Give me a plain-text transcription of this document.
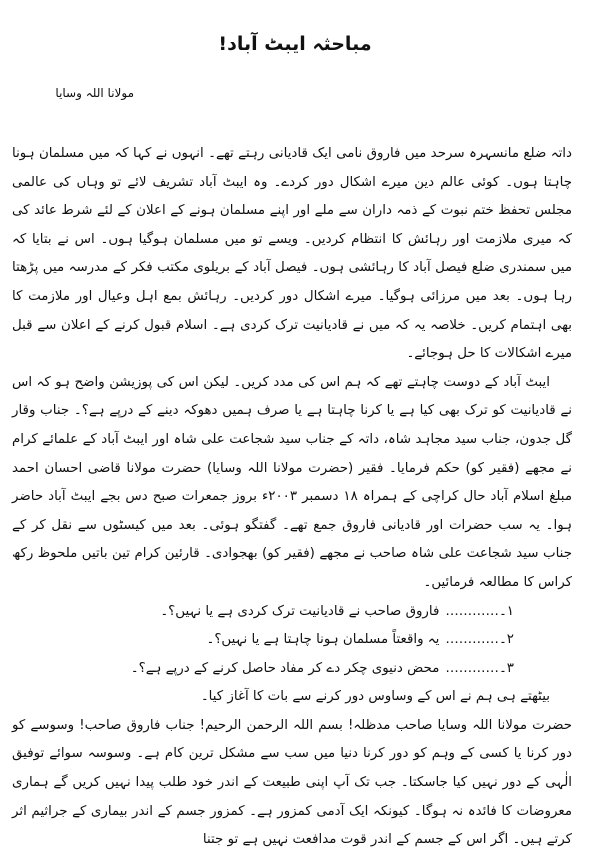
مباحثہ ایبٹ آباد!
مولانا اللہ وسایا

داتہ ضلع مانسہرہ سرحد میں فاروق نامی ایک قادیانی رہتے تھے۔ انہوں نے کہا کہ میں مسلمان ہونا چاہتا ہوں۔ کوئی عالم دین میرے اشکال دور کردے۔ وہ ایبٹ آباد تشریف لائے تو وہاں کی عالمی مجلس تحفظ ختم نبوت کے ذمہ داران سے ملے اور اپنے مسلمان ہونے کے اعلان کے لئے شرط عائد کی کہ میری ملازمت اور رہائش کا انتظام کردیں۔ ویسے تو میں مسلمان ہوگیا ہوں۔ اس نے بتایا کہ میں سمندری ضلع فیصل آباد کا رہائشی ہوں۔ فیصل آباد کے بریلوی مکتب فکر کے مدرسہ میں پڑھتا رہا ہوں۔ بعد میں مرزائی ہوگیا۔ میرے اشکال دور کردیں۔ رہائش بمع اہل وعیال اور ملازمت کا بھی اہتمام کریں۔ خلاصہ یہ کہ میں نے قادیانیت ترک کردی ہے۔ اسلام قبول کرنے کے اعلان سے قبل میرے اشکالات کا حل ہوجائے۔

ایبٹ آباد کے دوست چاہتے تھے کہ ہم اس کی مدد کریں۔ لیکن اس کی پوزیشن واضح ہو کہ اس نے قادیانیت کو ترک بھی کیا ہے یا کرنا چاہتا ہے یا صرف ہمیں دھوکہ دینے کے درپے ہے؟۔ جناب وقار گل جدون، جناب سید مجاہد شاہ، داتہ کے جناب سید شجاعت علی شاہ اور ایبٹ آباد کے علمائے کرام نے مجھے (فقیر کو) حکم فرمایا۔ فقیر (حضرت مولانا اللہ وسایا) حضرت مولانا قاضی احسان احمد مبلغ اسلام آباد حال کراچی کے ہمراہ ۱۸ دسمبر ۲۰۰۳ء بروز جمعرات صبح دس بجے ایبٹ آباد حاضر ہوا۔ یہ سب حضرات اور قادیانی فاروق جمع تھے۔ گفتگو ہوئی۔ بعد میں کیسٹوں سے نقل کر کے جناب سید شجاعت علی شاہ صاحب نے مجھے (فقیر کو) بھجوادی۔ قارئین کرام تین باتیں ملحوظ رکھ کراس کا مطالعہ فرمائیں۔

۱۔…………
فاروق صاحب نے قادیانیت ترک کردی ہے یا نہیں؟۔
۲۔…………
یہ واقعتاً مسلمان ہونا چاہتا ہے یا نہیں؟۔
۳۔…………
محض دنیوی چکر دے کر مفاد حاصل کرنے کے درپے ہے؟۔

بیٹھتے ہی ہم نے اس کے وساوس دور کرنے سے بات کا آغاز کیا۔

حضرت مولانا اللہ وسایا صاحب مدظلہ! بسم اللہ الرحمن الرحیم! جناب فاروق صاحب! وسوسے کو دور کرنا یا کسی کے وہم کو دور کرنا دنیا میں سب سے مشکل ترین کام ہے۔ وسوسہ سوائے توفیق الٰہی کے دور نہیں کیا جاسکتا۔ جب تک آپ اپنی طبیعت کے اندر خود طلب پیدا نہیں کریں گے ہماری معروضات کا فائدہ نہ ہوگا۔ کیونکہ ایک آدمی کمزور ہے۔ کمزور جسم کے اندر بیماری کے جراثیم اثر کرتے ہیں۔ اگر اس کے جسم کے اندر قوت مدافعت نہیں ہے تو جتنا
